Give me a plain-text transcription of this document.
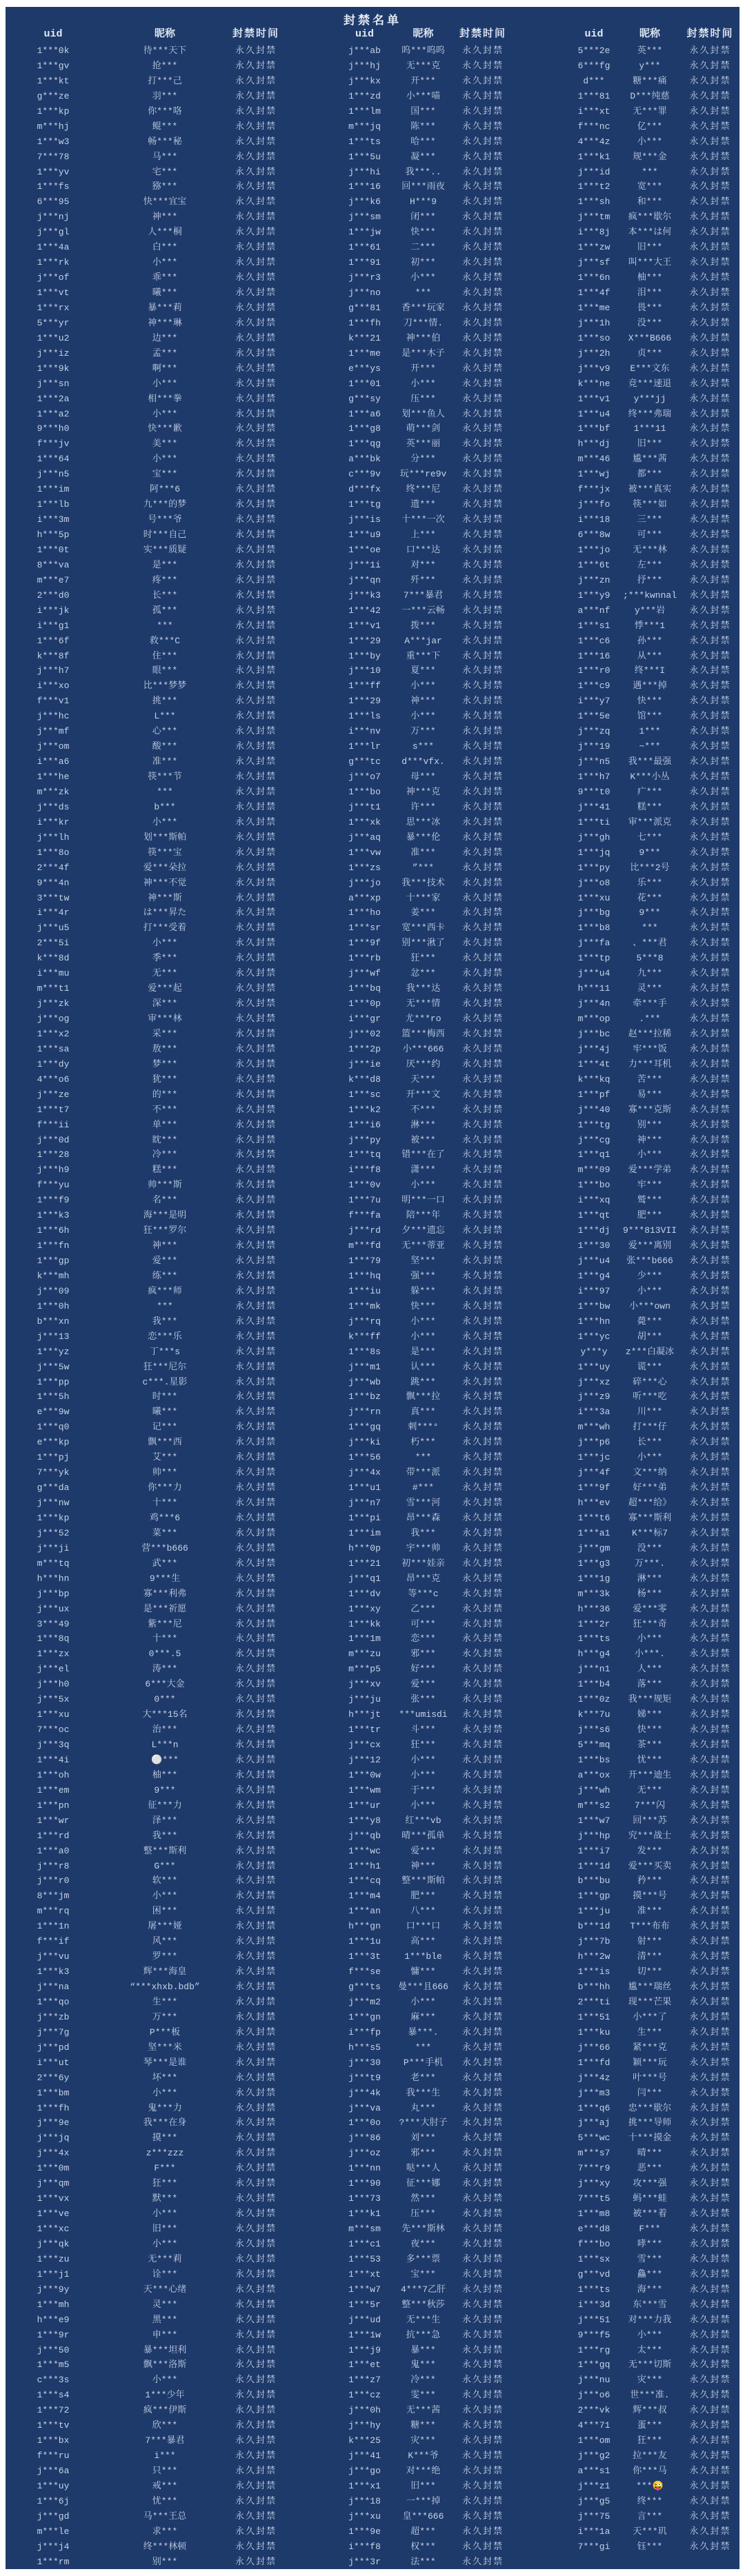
封禁名单
uid	昵称	封禁时间
1***0k	待***天下	永久封禁
1***gv	抢***	永久封禁
1***kt	打***己	永久封禁
g***ze	羽***	永久封禁
1***kp	你***咯	永久封禁
m***hj	鲲***	永久封禁
1***w3	畅***秘	永久封禁
7***78	马***	永久封禁
1***yv	宅***	永久封禁
1***fs	猕***	永久封禁
6***95	快***宜宝	永久封禁
j***nj	神***	永久封禁
j***gl	人***桐	永久封禁
1***4a	白***	永久封禁
1***rk	小***	永久封禁
j***of	乖***	永久封禁
1***vt	曦***	永久封禁
1***rx	暴***莉	永久封禁
5***yr	神***琳	永久封禁
1***u2	边***	永久封禁
j***iz	孟***	永久封禁
1***9k	啊***	永久封禁
j***sn	小***	永久封禁
1***2a	相***拳	永久封禁
1***a2	小***	永久封禁
9***h0	快***歉	永久封禁
f***jv	美***	永久封禁
1***64	小***	永久封禁
j***n5	宝***	永久封禁
1***im	阿***6	永久封禁
1***lb	九***的梦	永久封禁
i***3m	号***爷	永久封禁
h***5p	时***自己	永久封禁
1***0t	实***质疑	永久封禁
8***va	是***	永久封禁
m***e7	疼***	永久封禁
2***d0	长***	永久封禁
i***jk	孤***	永久封禁
i***g1	***	永久封禁
1***6f	救***C	永久封禁
k***8f	住***	永久封禁
j***h7	眼***	永久封禁
i***xo	比***梦梦	永久封禁
f***v1	挑***	永久封禁
j***hc	L***	永久封禁
j***mf	心***	永久封禁
j***om	酸***	永久封禁
i***a6	准***	永久封禁
1***he	筷***节	永久封禁
m***zk	***	永久封禁
j***ds	b***	永久封禁
i***kr	小***	永久封禁
j***lh	划***斯帕	永久封禁
1***8o	筷***宝	永久封禁
2***4f	爱***朵拉	永久封禁
9***4n	神***不觉	永久封禁
3***tw	神***斯	永久封禁
i***4r	は***昇た	永久封禁
j***u5	打***受着	永久封禁
2***5i	小***	永久封禁
k***8d	季***	永久封禁
i***mu	无***	永久封禁
m***t1	爱***起	永久封禁
j***zk	深***	永久封禁
j***og	审***林	永久封禁
1***x2	采***	永久封禁
1***sa	敖***	永久封禁
1***dy	梦***	永久封禁
4***o6	犹***	永久封禁
j***ze	的***	永久封禁
1***t7	不***	永久封禁
f***ii	单***	永久封禁
j***0d	眈***	永久封禁
1***28	冷***	永久封禁
j***h9	糕***	永久封禁
f***yu	帅***斯	永久封禁
1***f9	名***	永久封禁
1***k3	海***是明	永久封禁
1***6h	狂***罗尔	永久封禁
1***fn	神***	永久封禁
1***gp	爱***	永久封禁
k***mh	练***	永久封禁
j***09	疯***师	永久封禁
1***0h	***	永久封禁
b***xn	我***	永久封禁
j***13	恋***乐	永久封禁
1***yz	丁***s	永久封禁
j***5w	狂***尼尔	永久封禁
1***pp	c***.星影	永久封禁
1***5h	时***	永久封禁
e***9w	曦***	永久封禁
1***q0	记***	永久封禁
e***kp	飘***西	永久封禁
1***pj	艾***	永久封禁
7***yk	帅***	永久封禁
g***da	你***力	永久封禁
j***nw	十***	永久封禁
1***kp	鸡***6	永久封禁
j***52	菜***	永久封禁
j***ji	营***b666	永久封禁
m***tq	武***	永久封禁
h***hn	9***生	永久封禁
j***bp	寡***利弗	永久封禁
j***ux	是***祈愿	永久封禁
3***49	紫***尼	永久封禁
1***8q	十***	永久封禁
1***zx	0***.5	永久封禁
j***el	涛***	永久封禁
j***h0	6***大金	永久封禁
j***5x	0***	永久封禁
1***xu	大***15名	永久封禁
7***oc	治***	永久封禁
j***3q	L***n	永久封禁
1***4i	⚪***	永久封禁
1***oh	柚***	永久封禁
1***em	9***	永久封禁
1***pn	征***力	永久封禁
1***wr	泽***	永久封禁
1***rd	我***	永久封禁
1***a0	整***斯利	永久封禁
j***r8	G***	永久封禁
j***r0	软***	永久封禁
8***jm	小***	永久封禁
m***rq	困***	永久封禁
1***1n	屠***娅	永久封禁
f***if	风***	永久封禁
j***vu	罗***	永久封禁
1***k3	辉***海皇	永久封禁
j***na	“***xhxb.bdb”	永久封禁
1***qo	生***	永久封禁
j***zb	万***	永久封禁
j***7g	P***板	永久封禁
j***pd	坚***米	永久封禁
i***ut	琴***是谁	永久封禁
2***6y	坏***	永久封禁
1***bm	小***	永久封禁
1***fh	鬼***力	永久封禁
j***9e	我***在身	永久封禁
j***jq	摸***	永久封禁
j***4x	z***zzz	永久封禁
1***0m	F***	永久封禁
j***qm	狂***	永久封禁
1***vx	默***	永久封禁
1***ve	小***	永久封禁
1***xc	旧***	永久封禁
j***qk	小***	永久封禁
1***zu	无***莉	永久封禁
1***j1	诠***	永久封禁
j***9y	天***心绪	永久封禁
1***mh	灵***	永久封禁
h***e9	黑***	永久封禁
1***9r	申***	永久封禁
j***50	暴***坦利	永久封禁
1***m5	飘***洛斯	永久封禁
c***3s	小***	永久封禁
1***s4	1***少年	永久封禁
1***72	疯***伊斯	永久封禁
1***tv	欣***	永久封禁
1***bx	7***暴君	永久封禁
f***ru	i***	永久封禁
j***6a	只***	永久封禁
1***uy	戒***	永久封禁
1***6j	忧***	永久封禁
j***gd	马***王总	永久封禁
m***le	求***	永久封禁
j***j4	终***林顿	永久封禁
1***rm	别***	永久封禁
uid	昵称	封禁时间
j***ab	呜***呜呜	永久封禁
j***hj	无***克	永久封禁
j***kx	开***	永久封禁
1***zd	小***喵	永久封禁
1***lm	国***	永久封禁
m***jq	陈***	永久封禁
1***ts	哈***	永久封禁
1***5u	凝***	永久封禁
j***hi	我***..	永久封禁
1***16	回***雨夜	永久封禁
j***k6	H***9	永久封禁
j***sm	闭***	永久封禁
1***jw	快***	永久封禁
1***61	二***	永久封禁
1***91	初***	永久封禁
j***r3	小***	永久封禁
j***no	***	永久封禁
g***81	香***玩家	永久封禁
1***fh	刀***情.	永久封禁
k***21	神***伯	永久封禁
1***me	是***木子	永久封禁
e***ys	开***	永久封禁
1***01	小***	永久封禁
g***sy	压***	永久封禁
1***a6	划***鱼人	永久封禁
1***g8	萌***剑	永久封禁
1***qg	英***丽	永久封禁
a***bk	分***	永久封禁
c***9v	玩***re9v	永久封禁
d***fx	终***尼	永久封禁
1***tg	遗***	永久封禁
j***is	十***一次	永久封禁
1***u9	上***	永久封禁
1***oe	口***达	永久封禁
j***1i	对***	永久封禁
j***qn	歼***	永久封禁
j***k3	7***暴君	永久封禁
1***42	一***云畅	永久封禁
1***v1	拨***	永久封禁
1***29	A***jar	永久封禁
1***by	重***下	永久封禁
j***10	夏***	永久封禁
1***ff	小***	永久封禁
1***29	神***	永久封禁
1***ls	小***	永久封禁
i***nv	万***	永久封禁
1***lr	s***	永久封禁
g***tc	d***vfx.	永久封禁
j***o7	母***	永久封禁
1***bo	神***克	永久封禁
j***t1	许***	永久封禁
1***xk	思***冰	永久封禁
j***aq	暴***伦	永久封禁
1***vw	准***	永久封禁
1***zs	”***	永久封禁
j***jo	我***技术	永久封禁
a***xp	十***家	永久封禁
1***ho	姜***	永久封禁
1***sr	宽***西卡	永久封禁
1***9f	别***湫了	永久封禁
1***rb	狂***	永久封禁
j***wf	忿***	永久封禁
1***bq	我***达	永久封禁
1***0p	无***情	永久封禁
i***gr	尤***ro	永久封禁
j***02	篮***梅西	永久封禁
1***2p	小***666	永久封禁
j***ie	厌***约	永久封禁
k***d8	天***	永久封禁
1***sc	开***文	永久封禁
1***k2	不***	永久封禁
1***i6	淋***	永久封禁
j***py	被***	永久封禁
1***tq	错***在了	永久封禁
i***f8	潇***	永久封禁
1***0v	小***	永久封禁
1***7u	明***一口	永久封禁
f***fa	陪***年	永久封禁
j***rd	夕***遗忘	永久封禁
m***fd	无***蒂亚	永久封禁
1***79	坚***	永久封禁
1***hq	强***	永久封禁
1***iu	躲***	永久封禁
1***mk	快***	永久封禁
j***rq	小***	永久封禁
k***ff	小***	永久封禁
1***8s	是***	永久封禁
j***m1	认***	永久封禁
j***wb	跳***	永久封禁
1***bz	飘***拉	永久封禁
j***rn	真***	永久封禁
1***gq	刺***°	永久封禁
j***ki	朽***	永久封禁
1***56	***	永久封禁
j***4x	带***派	永久封禁
1***u1	#***	永久封禁
j***n7	雪***河	永久封禁
1***pi	昂***森	永久封禁
1***im	我***	永久封禁
h***0p	宇***帅	永久封禁
1***21	初***娃亲	永久封禁
j***q1	昂***克	永久封禁
1***dv	等***c	永久封禁
1***xy	乙***	永久封禁
1***kk	可***	永久封禁
1***1m	恋***	永久封禁
m***zu	邪***	永久封禁
m***p5	好***	永久封禁
j***xv	爱***	永久封禁
j***ju	张***	永久封禁
h***jt	***umisdi	永久封禁
1***tr	斗***	永久封禁
j***cx	狂***	永久封禁
j***12	小***	永久封禁
1***0w	小***	永久封禁
1***wm	于***	永久封禁
1***ur	小***	永久封禁
1***y8	红***vb	永久封禁
j***qb	晴***孤单	永久封禁
1***wc	爱***	永久封禁
1***h1	神***	永久封禁
1***cq	整***斯帕	永久封禁
1***m4	肥***	永久封禁
1***an	八***	永久封禁
h***gn	口***口	永久封禁
1***1u	高***	永久封禁
1***3t	1***ble	永久封禁
f***se	慵***	永久封禁
g***ts	曼***且666	永久封禁
j***m2	小***	永久封禁
1***gn	麻***	永久封禁
i***fp	暴***.	永久封禁
h***s5	***	永久封禁
j***30	P***手机	永久封禁
j***t9	老***	永久封禁
j***4k	我***生	永久封禁
j***va	丸***	永久封禁
1***0o	?***大肘子	永久封禁
j***86	刘***	永久封禁
j***oz	邪***	永久封禁
1***nn	哒***人	永久封禁
1***90	征***娜	永久封禁
1***73	然***	永久封禁
1***k1	压***	永久封禁
m***sm	先***斯林	永久封禁
1***c1	夜***	永久封禁
1***53	多***票	永久封禁
1***xt	宝***	永久封禁
1***w7	4***7乙肝	永久封禁
1***5r	整***秋莎	永久封禁
j***ud	无***生	永久封禁
1***1w	抗***急	永久封禁
1***j9	暴***	永久封禁
1***et	鬼***	永久封禁
1***z7	冷***	永久封禁
1***cz	雯***	永久封禁
j***0h	无***茜	永久封禁
j***hy	糖***	永久封禁
k***25	灾***	永久封禁
j***41	K***爷	永久封禁
j***go	对***绝	永久封禁
1***x1	旧***	永久封禁
j***18	一***掉	永久封禁
j***xu	皇***666	永久封禁
1***9e	超***	永久封禁
i***f8	权***	永久封禁
j***3r	法***	永久封禁
uid	昵称	封禁时间
5***2e	英***	永久封禁
6***fg	y***	永久封禁
d***	糖***痛	永久封禁
1***81	D***纯慈	永久封禁
i***xt	无***罪	永久封禁
f***nc	亿***	永久封禁
4***4z	小***	永久封禁
1***k1	规***金	永久封禁
j***id	***	永久封禁
1***t2	宽***	永久封禁
1***sh	和***	永久封禁
j***tm	疯***歇尔	永久封禁
i***8j	本***は何	永久封禁
1***zw	旧***	永久封禁
j***sf	叫***大王	永久封禁
1***6n	柚***	永久封禁
1***4f	泪***	永久封禁
1***me	畏***	永久封禁
j***1h	没***	永久封禁
1***so	X***B666	永久封禁
j***2h	贞***	永久封禁
j***v9	E***文东	永久封禁
k***ne	竞***速退	永久封禁
1***v1	y***jj	永久封禁
1***u4	终***弗瑞	永久封禁
1***bf	1***11	永久封禁
h***dj	旧***	永久封禁
m***46	尴***茜	永久封禁
1***wj	都***	永久封禁
f***jx	被***真实	永久封禁
j***fo	筷***如	永久封禁
i***18	三***	永久封禁
6***8w	可***	永久封禁
1***jo	无***林	永久封禁
1***6t	左***	永久封禁
j***zn	抒***	永久封禁
1***y9	;***kwnnal	永久封禁
a***nf	y***岩	永久封禁
1***s1	悸***1	永久封禁
1***c6	孙***	永久封禁
1***16	从***	永久封禁
1***r0	终***I	永久封禁
1***c9	遇***掉	永久封禁
i***y7	快***	永久封禁
1***5e	馆***	永久封禁
j***zq	1***	永久封禁
j***19	~***	永久封禁
j***n5	我***最强	永久封禁
1***h7	K***小丛	永久封禁
9***t0	疒***	永久封禁
j***41	糕***	永久封禁
1***ti	审***派克	永久封禁
j***gh	七***	永久封禁
1***jq	9***	永久封禁
1***py	比***2号	永久封禁
j***o8	乐***	永久封禁
1***xu	花***	永久封禁
j***bg	9***	永久封禁
1***b8	***	永久封禁
j***fa	、***君	永久封禁
1***tp	5***8	永久封禁
j***u4	九***	永久封禁
h***11	灵***	永久封禁
j***4n	牵***手	永久封禁
m***op	.***	永久封禁
j***bc	赵***拉稀	永久封禁
j***4j	牢***饭	永久封禁
1***4t	力***耳机	永久封禁
k***kq	苦***	永久封禁
1***pf	易***	永久封禁
j***40	寡***克斯	永久封禁
1***tg	别***	永久封禁
j***cg	神***	永久封禁
1***q1	小***	永久封禁
m***09	爱***学弟	永久封禁
1***bo	牢***	永久封禁
i***xq	鹫***	永久封禁
1***qt	肥***	永久封禁
1***dj	9***813VII	永久封禁
1***30	爱***离别	永久封禁
j***u4	张***b666	永久封禁
1***g4	少***	永久封禁
i***97	小***	永久封禁
1***bw	小***own	永久封禁
1***hn	薨***	永久封禁
1***yc	胡***	永久封禁
y***y	z***白凝冰	永久封禁
1***uy	谎***	永久封禁
j***xz	碎***心	永久封禁
j***z9	听***吃	永久封禁
i***3a	川***	永久封禁
m***wh	打***仔	永久封禁
j***p6	长***	永久封禁
1***jc	小***	永久封禁
j***4f	文***纳	永久封禁
1***9f	好***弟	永久封禁
h***ev	超***给》	永久封禁
1***t6	寡***斯利	永久封禁
1***a1	K***标7	永久封禁
j***gm	没***	永久封禁
1***g3	万***.	永久封禁
1***1g	淋***	永久封禁
m***3k	杨***	永久封禁
h***36	爱***零	永久封禁
1***2r	狂***奇	永久封禁
1***ts	小***	永久封禁
h***g4	小***.	永久封禁
j***n1	人***	永久封禁
1***b4	落***	永久封禁
1***0z	我***规矩	永久封禁
k***7u	娣***	永久封禁
j***s6	快***	永久封禁
5***mq	茶***	永久封禁
1***bs	忧***	永久封禁
a***ox	开***迪生	永久封禁
j***wh	无***	永久封禁
m***s2	7***闪	永久封禁
1***w7	回***苏	永久封禁
j***hp	究***战士	永久封禁
1***i7	发***	永久封禁
1***1d	爱***买卖	永久封禁
b***bu	矜***	永久封禁
1***gp	摸***号	永久封禁
1***ju	准***	永久封禁
b***1d	T***布布	永久封禁
j***7b	射***	永久封禁
h***2w	清***	永久封禁
1***is	切***	永久封禁
b***hh	尴***瑞丝	永久封禁
2***ti	现***芒果	永久封禁
1***51	小***了	永久封禁
1***ku	生***	永久封禁
j***66	紧***克	永久封禁
1***fd	颖***玩	永久封禁
j***4z	叶***号	永久封禁
j***m3	闫***	永久封禁
1***q6	忠***歇尔	永久封禁
j***aj	挑***导师	永久封禁
5***wc	十***摸金	永久封禁
m***s7	晴***	永久封禁
7***r9	恶***	永久封禁
j***xy	攻***强	永久封禁
7***t5	蚂***蛙	永久封禁
1***m8	被***着	永久封禁
e***d8	F***	永久封禁
f***bo	哮***	永久封禁
1***sx	雪***	永久封禁
g***vd	鱻***	永久封禁
1***ts	海***	永久封禁
i***3d	东***雪	永久封禁
j***51	对***力我	永久封禁
9***f5	小***	永久封禁
1***rg	太***	永久封禁
1***gq	无***切斯	永久封禁
j***nu	灾***	永久封禁
j***o6	世***准.	永久封禁
2***vk	辉***叔	永久封禁
4***71	蛋***	永久封禁
1***om	狂***	永久封禁
j***g2	拉***友	永久封禁
a***s1	你***马	永久封禁
j***z1	***😜	永久封禁
j***g5	终***	永久封禁
j***75	言***	永久封禁
i***1a	天***玑	永久封禁
7***gi	钰***	永久封禁
